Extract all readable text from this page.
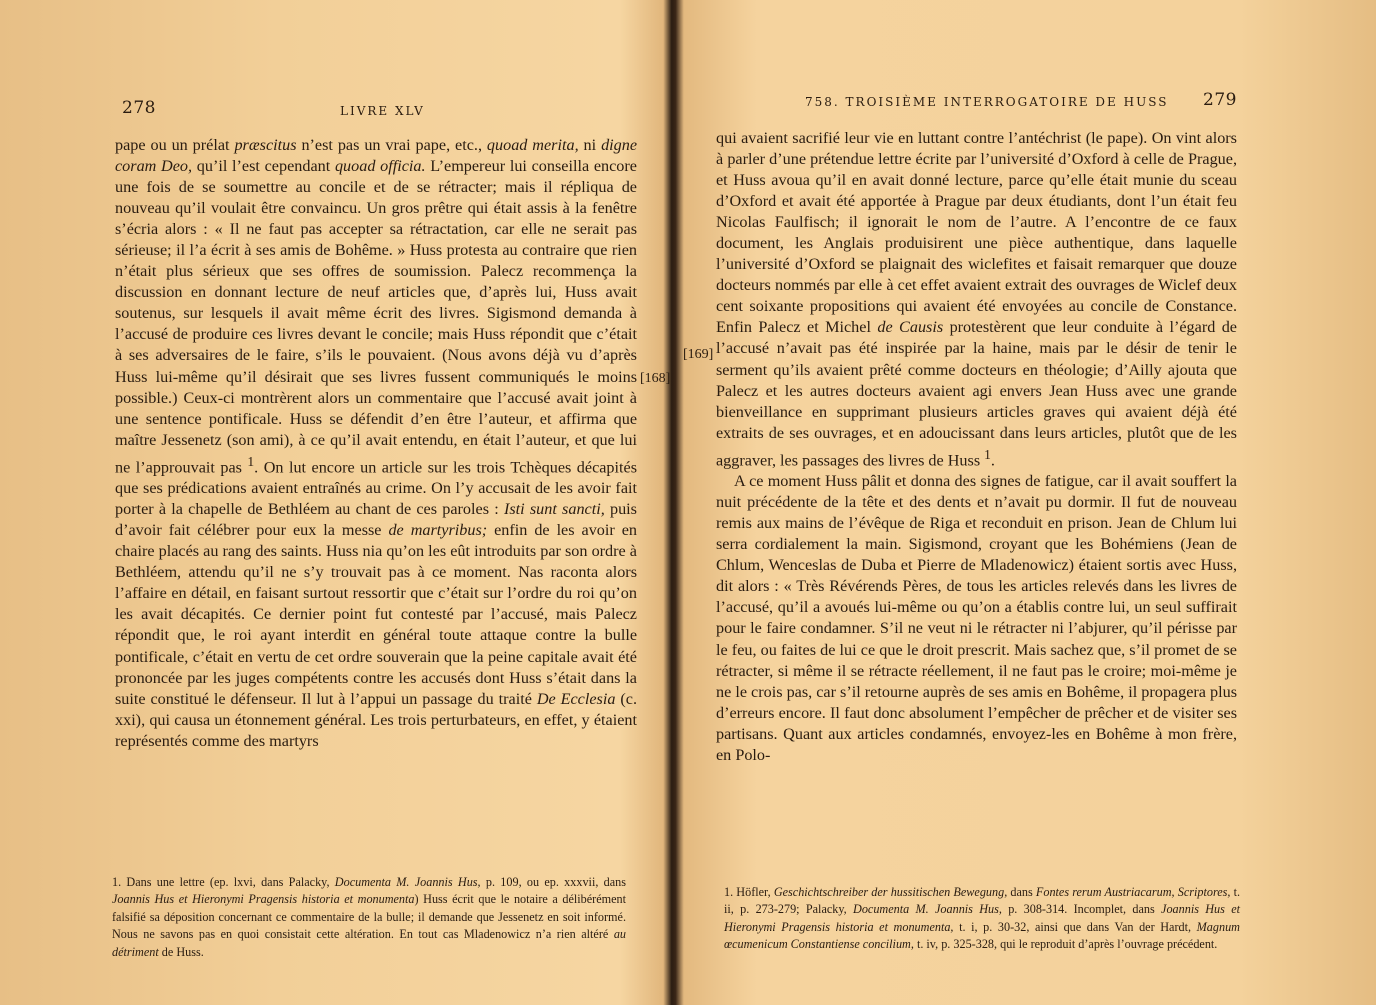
278	LIVRE XLV
pape ou un prélat præscitus n’est pas un vrai pape, etc., quoad merita, ni digne coram Deo, qu’il l’est cependant quoad officia. L’empereur lui conseilla encore une fois de se soumettre au concile et de se rétracter; mais il répliqua de nouveau qu’il voulait être convaincu. Un gros prêtre qui était assis à la fenêtre s’écria alors : « Il ne faut pas accepter sa rétractation, car elle ne serait pas sérieuse; il l’a écrit à ses amis de Bohême. » Huss protesta au contraire que rien n’était plus sérieux que ses offres de soumission. Palecz recommença la discussion en donnant lecture de neuf articles que, d’après lui, Huss avait soutenus, sur lesquels il avait même écrit des livres. Sigismond demanda à l’accusé de produire ces livres devant le concile; mais Huss répondit que c’était à ses adversaires de le faire, s’ils le pouvaient. (Nous avons déjà vu d’après Huss lui-même qu’il désirait que ses livres fussent communiqués le moins possible.) Ceux-ci montrèrent alors un commentaire que l’accusé avait joint à une sentence pontificale. Huss se défendit d’en être l’auteur, et affirma que maître Jessenetz (son ami), à ce qu’il avait entendu, en était l’auteur, et que lui ne l’approuvait pas $^1$. On lut encore un article sur les trois Tchèques décapités que ses prédications avaient entraînés au crime. On l’y accusait de les avoir fait porter à la chapelle de Bethléem au chant de ces paroles : Isti sunt sancti, puis d’avoir fait célébrer pour eux la messe de martyribus; enfin de les avoir en chaire placés au rang des saints. Huss nia qu’on les eût introduits par son ordre à Bethléem, attendu qu’il ne s’y trouvait pas à ce moment. Nas raconta alors l’affaire en détail, en faisant surtout ressortir que c’était sur l’ordre du roi qu’on les avait décapités. Ce dernier point fut contesté par l’accusé, mais Palecz répondit que, le roi ayant interdit en général toute attaque contre la bulle pontificale, c’était en vertu de cet ordre souverain que la peine capitale avait été prononcée par les juges compétents contre les accusés dont Huss s’était dans la suite constitué le défenseur. Il lut à l’appui un passage du traité De Ecclesia (c. xxi), qui causa un étonnement général. Les trois perturbateurs, en effet, y étaient représentés comme des martyrs
[168]
1. Dans une lettre (ep. lxvi, dans Palacky, Documenta M. Joannis Hus, p. 109, ou ep. xxxvii, dans Joannis Hus et Hieronymi Pragensis historia et monumenta) Huss écrit que le notaire a délibérément falsifié sa déposition concernant ce commentaire de la bulle; il demande que Jessenetz en soit informé. Nous ne savons pas en quoi consistait cette altération. En tout cas Mladenowicz n’a rien altéré au détriment de Huss.
758. TROISIÈME INTERROGATOIRE DE HUSS 279
[169]

qui avaient sacrifié leur vie en luttant contre l’antéchrist (le pape). On vint alors à parler d’une prétendue lettre écrite par l’université d’Oxford à celle de Prague, et Huss avoua qu’il en avait donné lecture, parce qu’elle était munie du sceau d’Oxford et avait été apportée à Prague par deux étudiants, dont l’un était feu Nicolas Faulfisch; il ignorait le nom de l’autre. A l’encontre de ce faux document, les Anglais produisirent une pièce authentique, dans laquelle l’université d’Oxford se plaignait des wiclefites et faisait remarquer que douze docteurs nommés par elle à cet effet avaient extrait des ouvrages de Wiclef deux cent soixante propositions qui avaient été envoyées au concile de Constance. Enfin Palecz et Michel de Causis protestèrent que leur conduite à l’égard de l’accusé n’avait pas été inspirée par la haine, mais par le désir de tenir le serment qu’ils avaient prêté comme docteurs en théologie; d’Ailly ajouta que Palecz et les autres docteurs avaient agi envers Jean Huss avec une grande bienveillance en supprimant plusieurs articles graves qui avaient déjà été extraits de ses ouvrages, et en adoucissant dans leurs articles, plutôt que de les aggraver, les passages des livres de Huss $^1$.

A ce moment Huss pâlit et donna des signes de fatigue, car il avait souffert la nuit précédente de la tête et des dents et n’avait pu dormir. Il fut de nouveau remis aux mains de l’évêque de Riga et reconduit en prison. Jean de Chlum lui serra cordialement la main. Sigismond, croyant que les Bohémiens (Jean de Chlum, Wenceslas de Duba et Pierre de Mladenowicz) étaient sortis avec Huss, dit alors : « Très Révérends Pères, de tous les articles relevés dans les livres de l’accusé, qu’il a avoués lui-même ou qu’on a établis contre lui, un seul suffirait pour le faire condamner. S’il ne veut ni le rétracter ni l’abjurer, qu’il périsse par le feu, ou faites de lui ce que le droit prescrit. Mais sachez que, s’il promet de se rétracter, si même il se rétracte réellement, il ne faut pas le croire; moi-même je ne le crois pas, car s’il retourne auprès de ses amis en Bohême, il propagera plus d’erreurs encore. Il faut donc absolument l’empêcher de prêcher et de visiter ses partisans. Quant aux articles condamnés, envoyez-les en Bohême à mon frère, en Polo-

1. Höfler, Geschichtschreiber der hussitischen Bewegung, dans Fontes rerum Austriacarum, Scriptores, t. ii, p. 273-279; Palacky, Documenta M. Joannis Hus, p. 308-314. Incomplet, dans Joannis Hus et Hieronymi Pragensis historia et monumenta, t. i, p. 30-32, ainsi que dans Van der Hardt, Magnum œcumenicum Constantiense concilium, t. iv, p. 325-328, qui le reproduit d’après l’ouvrage précédent.
